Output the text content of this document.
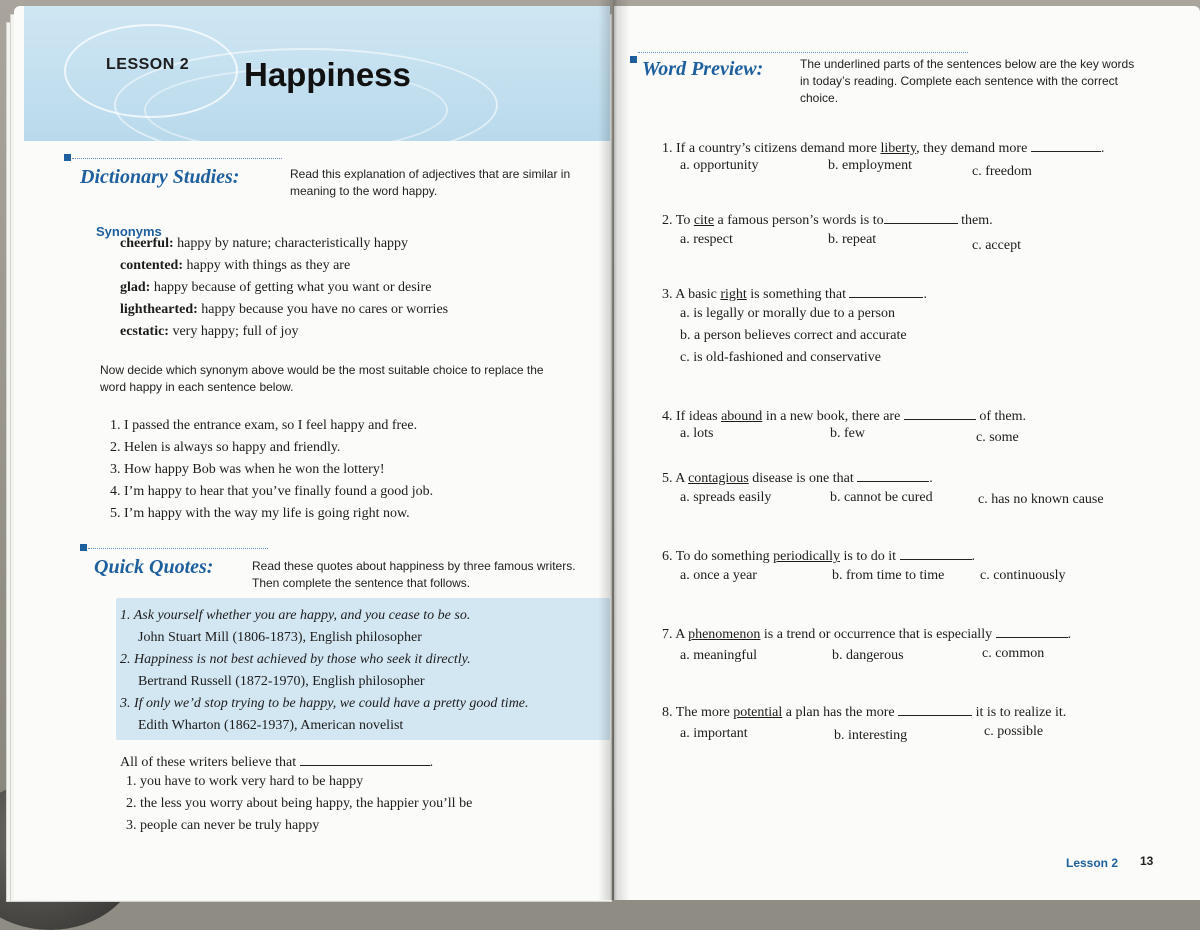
LESSON 2 Happiness
Dictionary Studies:	Read this explanation of adjectives that are similar in
meaning to the word happy.
Synonyms
cheerful: happy by nature; characteristically happy
contented: happy with things as they are
glad: happy because of getting what you want or desire
lighthearted: happy because you have no cares or worries
ecstatic: very happy; full of joy
Now decide which synonym above would be the most suitable choice to replace the
word happy in each sentence below.
1. I passed the entrance exam, so I feel happy and free.
2. Helen is always so happy and friendly.
3. How happy Bob was when he won the lottery!
4. I’m happy to hear that you’ve finally found a good job.
5. I’m happy with the way my life is going right now.
Quick Quotes:	Read these quotes about happiness by three famous writers.
Then complete the sentence that follows.
1. Ask yourself whether you are happy, and you cease to be so.
John Stuart Mill (1806-1873), English philosopher
2. Happiness is not best achieved by those who seek it directly.
Bertrand Russell (1872-1970), English philosopher
3. If only we’d stop trying to be happy, we could have a pretty good time.
Edith Wharton (1862-1937), American novelist
All of these writers believe that	.
1. you have to work very hard to be happy
2. the less you worry about being happy, the happier you’ll be
3. people can never be truly happy
Word Preview:	The underlined parts of the sentences below are the key words
in today’s reading. Complete each sentence with the correct
choice.
1. If a country’s citizens demand more liberty, they demand more	.
a. opportunity	b. employment	c. freedom
2. To cite a famous person’s words is to	them.
a. respect	b. repeat	c. accept
3. A basic right is something that	.
a. is legally or morally due to a person
b. a person believes correct and accurate
c. is old-fashioned and conservative
4. If ideas abound in a new book, there are	of them.
a. lots	b. few	c. some
5. A contagious disease is one that	.
a. spreads easily	b. cannot be cured	c. has no known cause
6. To do something periodically is to do it	.
a. once a year	b. from time to time	c. continuously
7. A phenomenon is a trend or occurrence that is especially	.
a. meaningful	b. dangerous	c. common
8. The more potential a plan has the more	it is to realize it.
a. important	b. interesting	c. possible
Lesson 2 13
